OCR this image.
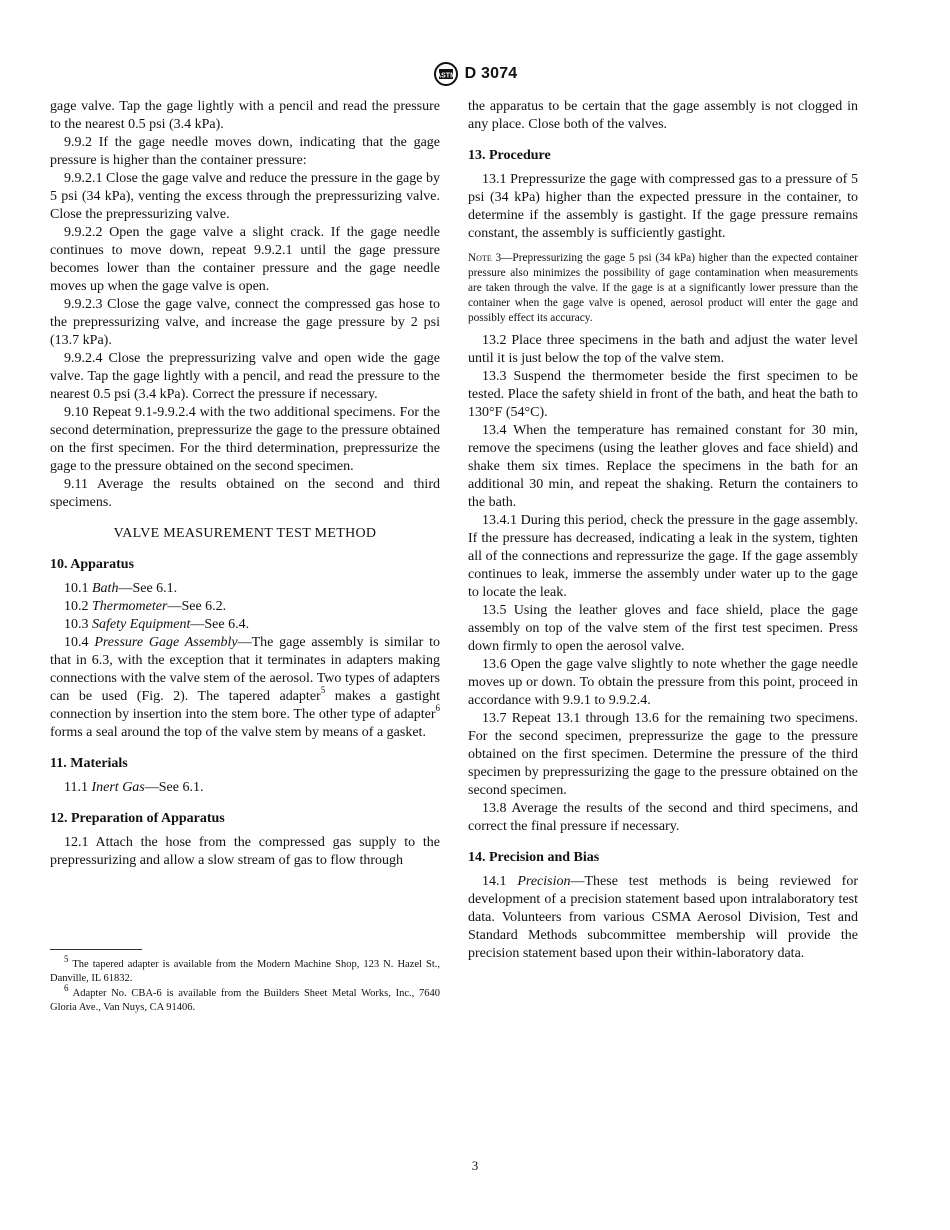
ASTM D 3074

gage valve. Tap the gage lightly with a pencil and read the pressure to the nearest 0.5 psi (3.4 kPa).

9.9.2 If the gage needle moves down, indicating that the gage pressure is higher than the container pressure:

9.9.2.1 Close the gage valve and reduce the pressure in the gage by 5 psi (34 kPa), venting the excess through the prepressurizing valve. Close the prepressurizing valve.

9.9.2.2 Open the gage valve a slight crack. If the gage needle continues to move down, repeat 9.9.2.1 until the gage pressure becomes lower than the container pressure and the gage needle moves up when the gage valve is open.

9.9.2.3 Close the gage valve, connect the compressed gas hose to the prepressurizing valve, and increase the gage pressure by 2 psi (13.7 kPa).

9.9.2.4 Close the prepressurizing valve and open wide the gage valve. Tap the gage lightly with a pencil, and read the pressure to the nearest 0.5 psi (3.4 kPa). Correct the pressure if necessary.

9.10 Repeat 9.1-9.9.2.4 with the two additional specimens. For the second determination, prepressurize the gage to the pressure obtained on the first specimen. For the third determination, prepressurize the gage to the pressure obtained on the second specimen.

9.11 Average the results obtained on the second and third specimens.

VALVE MEASUREMENT TEST METHOD
10. Apparatus

10.1 Bath—See 6.1.

10.2 Thermometer—See 6.2.

10.3 Safety Equipment—See 6.4.

10.4 Pressure Gage Assembly—The gage assembly is similar to that in 6.3, with the exception that it terminates in adapters making connections with the valve stem of the aerosol. Two types of adapters can be used (Fig. 2). The tapered adapter$^5$ makes a gastight connection by insertion into the stem bore. The other type of adapter$^6$ forms a seal around the top of the valve stem by means of a gasket.

11. Materials

11.1 Inert Gas—See 6.1.

12. Preparation of Apparatus

12.1 Attach the hose from the compressed gas supply to the prepressurizing and allow a slow stream of gas to flow through

the apparatus to be certain that the gage assembly is not clogged in any place. Close both of the valves.

13. Procedure

13.1 Prepressurize the gage with compressed gas to a pressure of 5 psi (34 kPa) higher than the expected pressure in the container, to determine if the assembly is gastight. If the gage pressure remains constant, the assembly is sufficiently gastight.

Note 3—Prepressurizing the gage 5 psi (34 kPa) higher than the expected container pressure also minimizes the possibility of gage contamination when measurements are taken through the valve. If the gage is at a significantly lower pressure than the container when the gage valve is opened, aerosol product will enter the gage and possibly effect its accuracy.

13.2 Place three specimens in the bath and adjust the water level until it is just below the top of the valve stem.

13.3 Suspend the thermometer beside the first specimen to be tested. Place the safety shield in front of the bath, and heat the bath to 130°F (54°C).

13.4 When the temperature has remained constant for 30 min, remove the specimens (using the leather gloves and face shield) and shake them six times. Replace the specimens in the bath for an additional 30 min, and repeat the shaking. Return the containers to the bath.

13.4.1 During this period, check the pressure in the gage assembly. If the pressure has decreased, indicating a leak in the system, tighten all of the connections and repressurize the gage. If the gage assembly continues to leak, immerse the assembly under water up to the gage to locate the leak.

13.5 Using the leather gloves and face shield, place the gage assembly on top of the valve stem of the first test specimen. Press down firmly to open the aerosol valve.

13.6 Open the gage valve slightly to note whether the gage needle moves up or down. To obtain the pressure from this point, proceed in accordance with 9.9.1 to 9.9.2.4.

13.7 Repeat 13.1 through 13.6 for the remaining two specimens. For the second specimen, prepressurize the gage to the pressure obtained on the first specimen. Determine the pressure of the third specimen by prepressurizing the gage to the pressure obtained on the second specimen.

13.8 Average the results of the second and third specimens, and correct the final pressure if necessary.

14. Precision and Bias

14.1 Precision—These test methods is being reviewed for development of a precision statement based upon intralaboratory test data. Volunteers from various CSMA Aerosol Division, Test and Standard Methods subcommittee membership will provide the precision statement based upon their within-laboratory data.

$^5$ The tapered adapter is available from the Modern Machine Shop, 123 N. Hazel St., Danville, IL 61832.

$^6$ Adapter No. CBA-6 is available from the Builders Sheet Metal Works, Inc., 7640 Gloria Ave., Van Nuys, CA 91406.

3
